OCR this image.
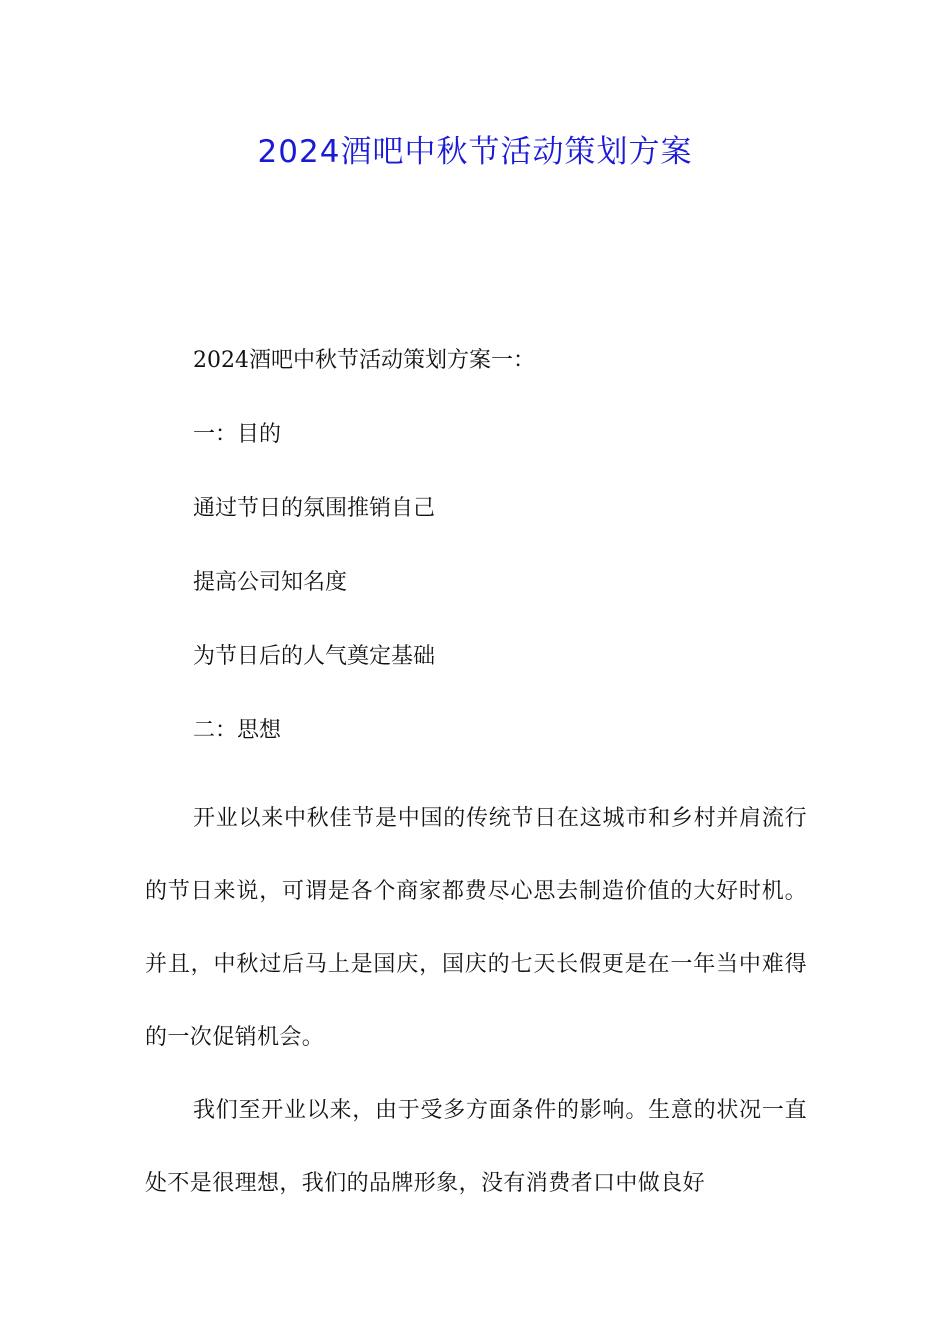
2024酒吧中秋节活动策划方案

2024酒吧中秋节活动策划方案一：

一：目的

通过节日的氛围推销自己

提高公司知名度

为节日后的人气奠定基础

二：思想

开业以来中秋佳节是中国的传统节日在这城市和乡村并肩流行的节日来说，可谓是各个商家都费尽心思去制造价值的大好时机。并且，中秋过后马上是国庆，国庆的七天长假更是在一年当中难得的一次促销机会。

我们至开业以来，由于受多方面条件的影响。生意的状况一直处不是很理想，我们的品牌形象，没有消费者口中做良好
